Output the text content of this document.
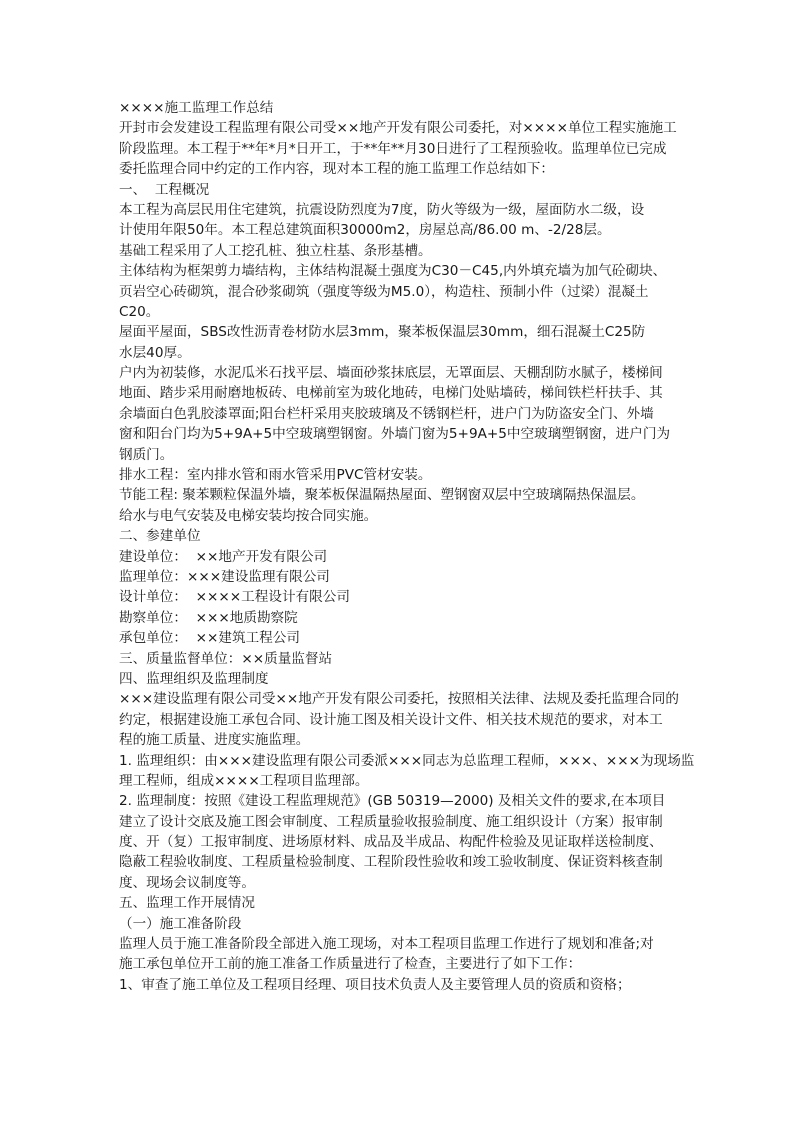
××××施工监理工作总结
开封市会发建设工程监理有限公司受××地产开发有限公司委托，对××××单位工程实施施工
阶段监理。本工程于**年*月*日开工，于**年**月30日进行了工程预验收。监理单位已完成
委托监理合同中约定的工作内容，现对本工程的施工监理工作总结如下：
一、  工程概况
本工程为高层民用住宅建筑，抗震设防烈度为7度，防火等级为一级，屋面防水二级，设
计使用年限50年。本工程总建筑面积30000m2，房屋总高/86.00 m、-2/28层。
基础工程采用了人工挖孔桩、独立柱基、条形基槽。
主体结构为框架剪力墙结构，主体结构混凝土强度为C30－C45,内外填充墙为加气砼砌块、
页岩空心砖砌筑，混合砂浆砌筑（强度等级为M5.0），构造柱、预制小件（过梁）混凝土
C20。
屋面平屋面，SBS改性沥青卷材防水层3mm，聚苯板保温层30mm，细石混凝土C25防
水层40厚。
户内为初装修，水泥瓜米石找平层、墙面砂浆抹底层，无罩面层、天棚刮防水腻子，楼梯间
地面、踏步采用耐磨地板砖、电梯前室为玻化地砖，电梯门处贴墙砖，梯间铁栏杆扶手、其
余墙面白色乳胶漆罩面;阳台栏杆采用夹胶玻璃及不锈钢栏杆，进户门为防盗安全门、外墙
窗和阳台门均为5+9A+5中空玻璃塑钢窗。外墙门窗为5+9A+5中空玻璃塑钢窗，进户门为
钢质门。
排水工程：室内排水管和雨水管采用PVC管材安装。
节能工程: 聚苯颗粒保温外墙，聚苯板保温隔热屋面、塑钢窗双层中空玻璃隔热保温层。
给水与电气安装及电梯安装均按合同实施。
二、参建单位
建设单位：  ××地产开发有限公司
监理单位：×××建设监理有限公司
设计单位：  ××××工程设计有限公司
勘察单位：  ×××地质勘察院
承包单位：  ××建筑工程公司
三、质量监督单位：××质量监督站
四、监理组织及监理制度
×××建设监理有限公司受××地产开发有限公司委托，按照相关法律、法规及委托监理合同的
约定，根据建设施工承包合同、设计施工图及相关设计文件、相关技术规范的要求，对本工
程的施工质量、进度实施监理。
1. 监理组织：由×××建设监理有限公司委派×××同志为总监理工程师，×××、×××为现场监
理工程师，组成××××工程项目监理部。
2. 监理制度：按照《建设工程监理规范》(GB 50319—2000) 及相关文件的要求,在本项目
建立了设计交底及施工图会审制度、工程质量验收报验制度、施工组织设计（方案）报审制
度、开（复）工报审制度、进场原材料、成品及半成品、构配件检验及见证取样送检制度、
隐蔽工程验收制度、工程质量检验制度、工程阶段性验收和竣工验收制度、保证资料核查制
度、现场会议制度等。
五、监理工作开展情况
（一）施工准备阶段
监理人员于施工准备阶段全部进入施工现场，对本工程项目监理工作进行了规划和准备;对
施工承包单位开工前的施工准备工作质量进行了检查，主要进行了如下工作：
1、审查了施工单位及工程项目经理、项目技术负责人及主要管理人员的资质和资格；
